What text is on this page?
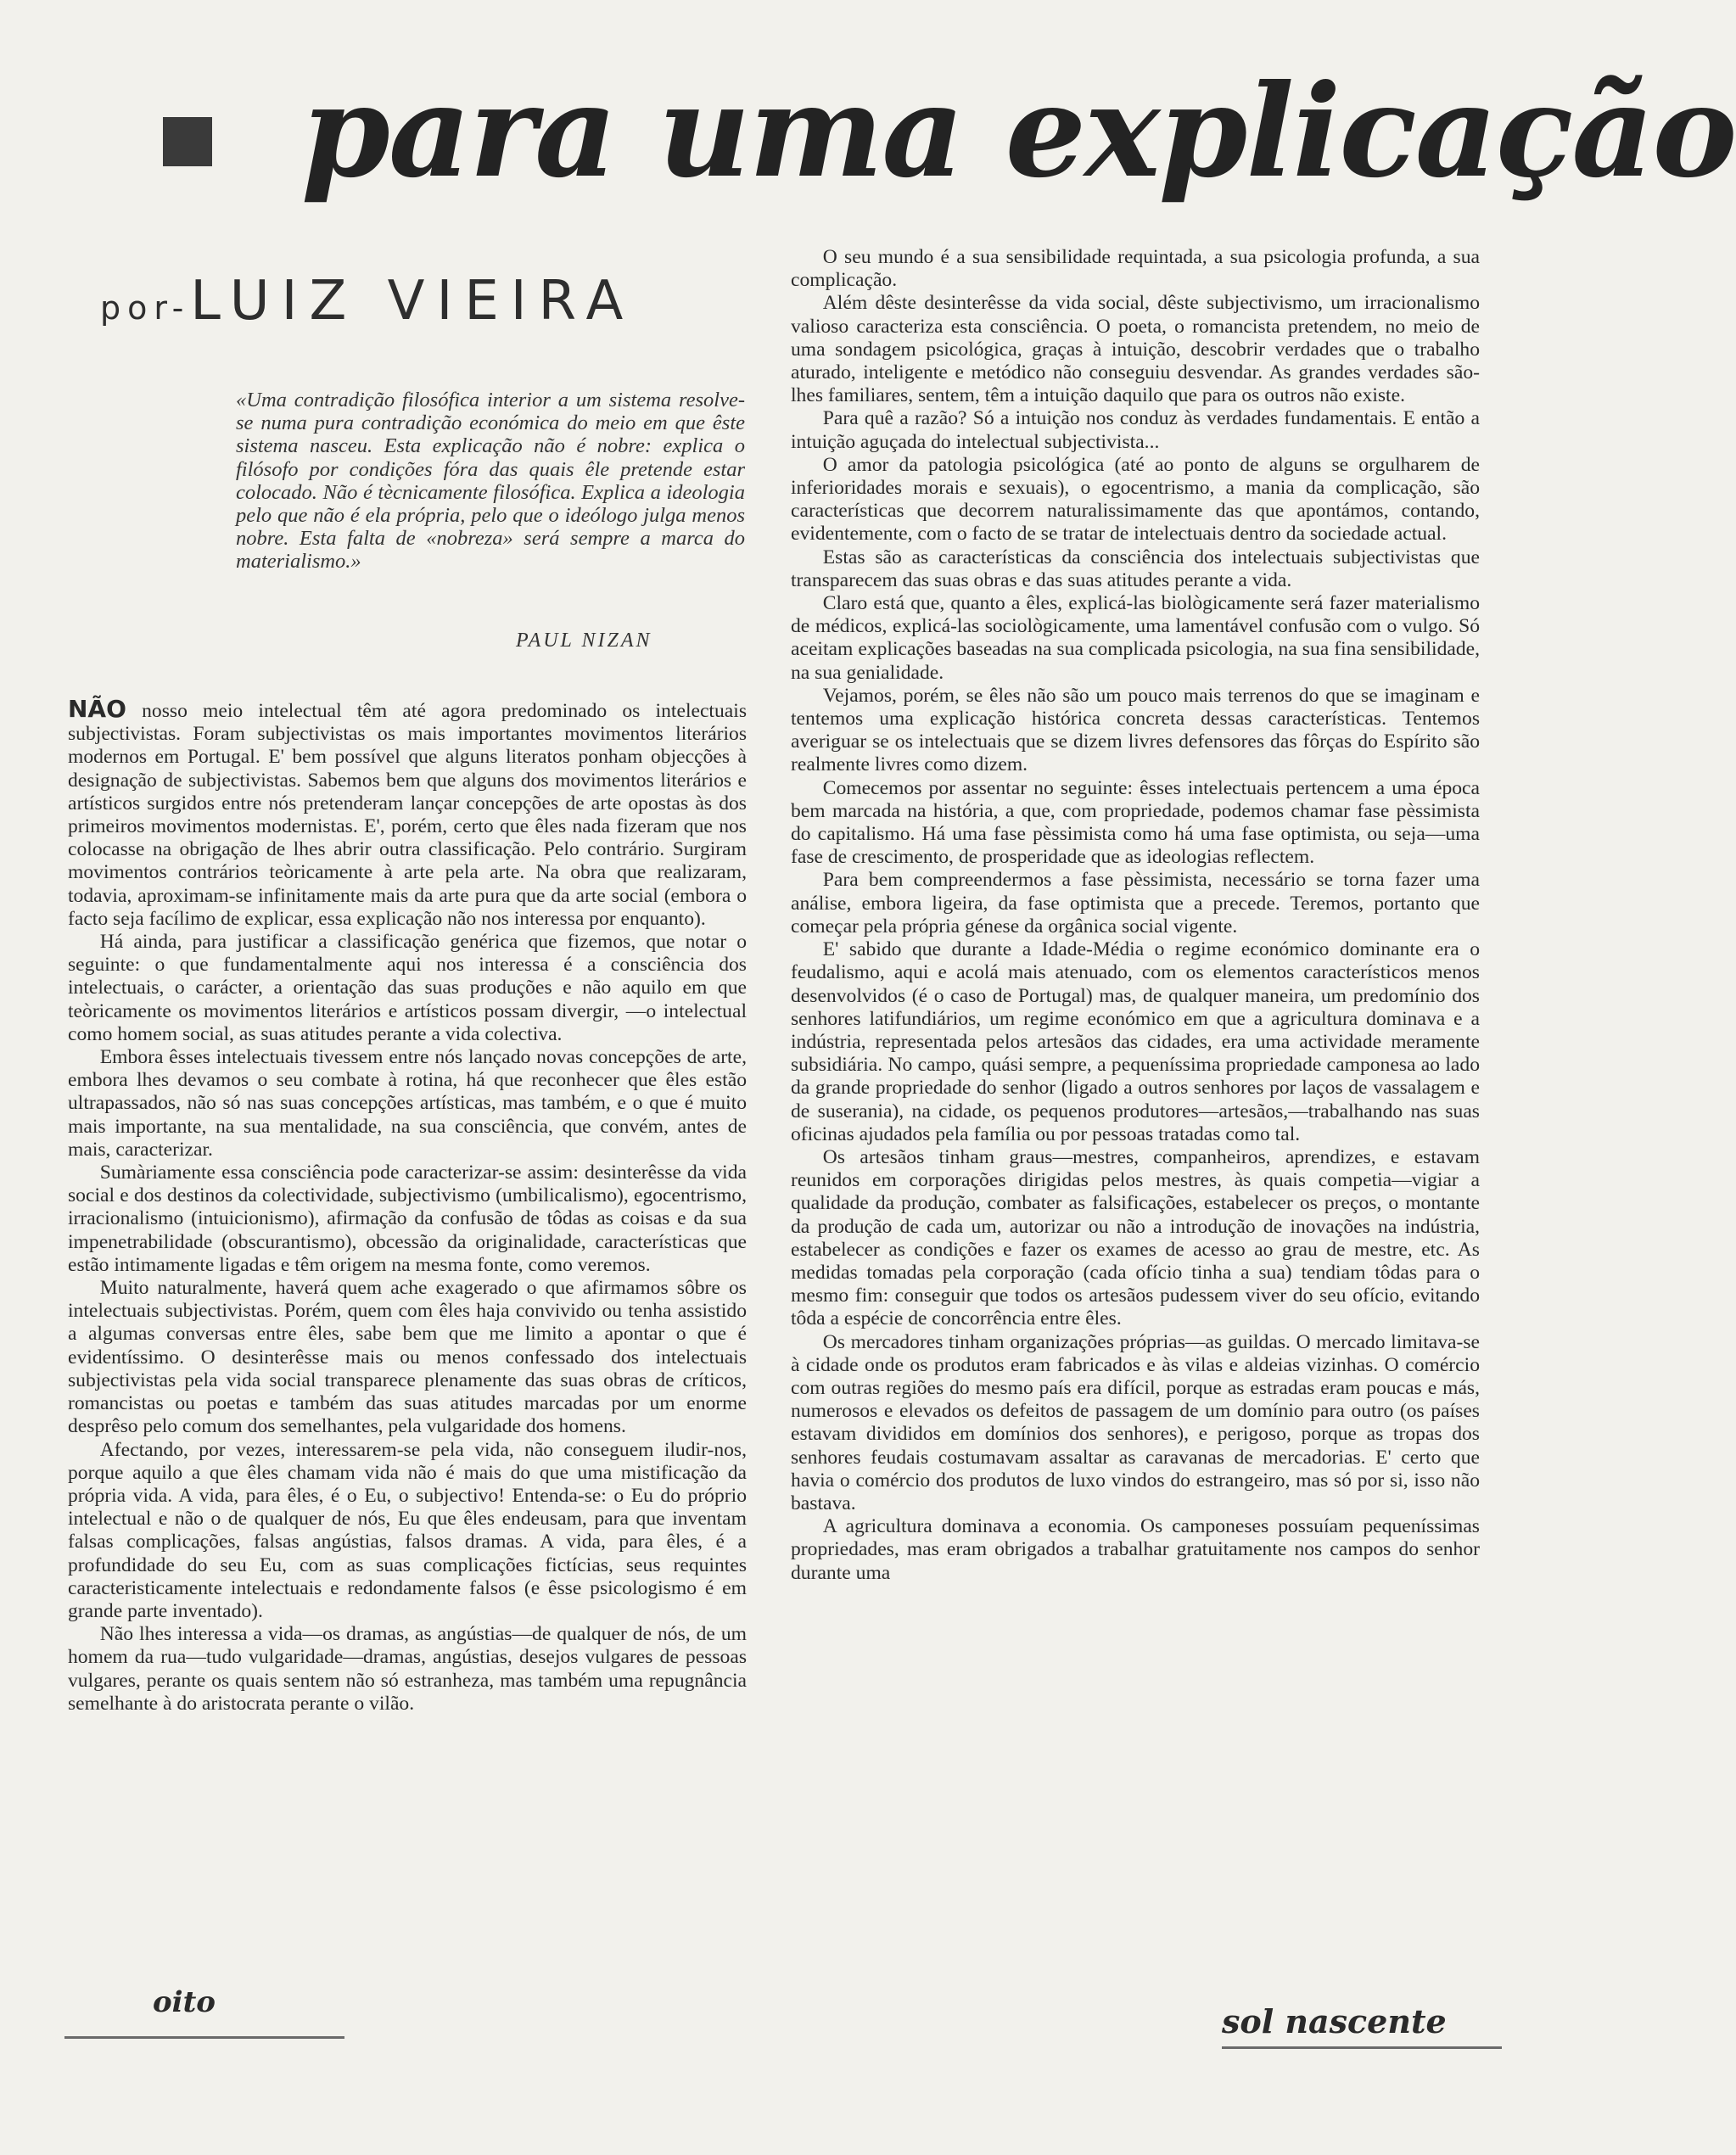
para uma explicação
por-LUIZ VIEIRA
«Uma contradição filosófica interior a um sistema resolve-se numa pura contradição económica do meio em que êste sistema nasceu. Esta explicação não é nobre: explica o filósofo por condições fóra das quais êle pretende estar colocado. Não é tècnicamente filosófica. Explica a ideologia pelo que não é ela própria, pelo que o ideólogo julga menos nobre. Esta falta de «nobreza» será sempre a marca do materialismo.»
PAUL NIZAN

NÃO nosso meio intelectual têm até agora predominado os intelectuais subjectivistas. Foram subjectivistas os mais importantes movimentos literários modernos em Portugal. E' bem possível que alguns literatos ponham objecções à designação de subjectivistas. Sabemos bem que alguns dos movimentos literários e artísticos surgidos entre nós pretenderam lançar concepções de arte opostas às dos primeiros movimentos modernistas. E', porém, certo que êles nada fizeram que nos colocasse na obrigação de lhes abrir outra classificação. Pelo contrário. Surgiram movimentos contrários teòricamente à arte pela arte. Na obra que realizaram, todavia, aproximam-se infinitamente mais da arte pura que da arte social (embora o facto seja facílimo de explicar, essa explicação não nos interessa por enquanto).

Há ainda, para justificar a classificação genérica que fizemos, que notar o seguinte: o que fundamentalmente aqui nos interessa é a consciência dos intelectuais, o carácter, a orientação das suas produções e não aquilo em que teòricamente os movimentos literários e artísticos possam divergir, —o intelectual como homem social, as suas atitudes perante a vida colectiva.

Embora êsses intelectuais tivessem entre nós lançado novas concepções de arte, embora lhes devamos o seu combate à rotina, há que reconhecer que êles estão ultrapassados, não só nas suas concepções artísticas, mas também, e o que é muito mais importante, na sua mentalidade, na sua consciência, que convém, antes de mais, caracterizar.

Sumàriamente essa consciência pode caracterizar-se assim: desinterêsse da vida social e dos destinos da colectividade, subjectivismo (umbilicalismo), egocentrismo, irracionalismo (intuicionismo), afirmação da confusão de tôdas as coisas e da sua impenetrabilidade (obscurantismo), obcessão da originalidade, características que estão intimamente ligadas e têm origem na mesma fonte, como veremos.

Muito naturalmente, haverá quem ache exagerado o que afirmamos sôbre os intelectuais subjectivistas. Porém, quem com êles haja convivido ou tenha assistido a algumas conversas entre êles, sabe bem que me limito a apontar o que é evidentíssimo. O desinterêsse mais ou menos confessado dos intelectuais subjectivistas pela vida social transparece plenamente das suas obras de críticos, romancistas ou poetas e também das suas atitudes marcadas por um enorme desprêso pelo comum dos semelhantes, pela vulgaridade dos homens.

Afectando, por vezes, interessarem-se pela vida, não conseguem iludir-nos, porque aquilo a que êles chamam vida não é mais do que uma mistificação da própria vida. A vida, para êles, é o Eu, o subjectivo! Entenda-se: o Eu do próprio intelectual e não o de qualquer de nós, Eu que êles endeusam, para que inventam falsas complicações, falsas angústias, falsos dramas. A vida, para êles, é a profundidade do seu Eu, com as suas complicações fictícias, seus requintes caracteristicamente intelectuais e redondamente falsos (e êsse psicologismo é em grande parte inventado).

Não lhes interessa a vida—os dramas, as angústias—de qualquer de nós, de um homem da rua—tudo vulgaridade—dramas, angústias, desejos vulgares de pessoas vulgares, perante os quais sentem não só estranheza, mas também uma repugnância semelhante à do aristocrata perante o vilão.

O seu mundo é a sua sensibilidade requintada, a sua psicologia profunda, a sua complicação.

Além dêste desinterêsse da vida social, dêste subjectivismo, um irracionalismo valioso caracteriza esta consciência. O poeta, o romancista pretendem, no meio de uma sondagem psicológica, graças à intuição, descobrir verdades que o trabalho aturado, inteligente e metódico não conseguiu desvendar. As grandes verdades são-lhes familiares, sentem, têm a intuição daquilo que para os outros não existe.

Para quê a razão? Só a intuição nos conduz às verdades fundamentais. E então a intuição aguçada do intelectual subjectivista...

O amor da patologia psicológica (até ao ponto de alguns se orgulharem de inferioridades morais e sexuais), o egocentrismo, a mania da complicação, são características que decorrem naturalissimamente das que apontámos, contando, evidentemente, com o facto de se tratar de intelectuais dentro da sociedade actual.

Estas são as características da consciência dos intelectuais subjectivistas que transparecem das suas obras e das suas atitudes perante a vida.

Claro está que, quanto a êles, explicá-las biològicamente será fazer materialismo de médicos, explicá-las sociològicamente, uma lamentável confusão com o vulgo. Só aceitam explicações baseadas na sua complicada psicologia, na sua fina sensibilidade, na sua genialidade.

Vejamos, porém, se êles não são um pouco mais terrenos do que se imaginam e tentemos uma explicação histórica concreta dessas características. Tentemos averiguar se os intelectuais que se dizem livres defensores das fôrças do Espírito são realmente livres como dizem.

Comecemos por assentar no seguinte: êsses intelectuais pertencem a uma época bem marcada na história, a que, com propriedade, podemos chamar fase pèssimista do capitalismo. Há uma fase pèssimista como há uma fase optimista, ou seja—uma fase de crescimento, de prosperidade que as ideologias reflectem.

Para bem compreendermos a fase pèssimista, necessário se torna fazer uma análise, embora ligeira, da fase optimista que a precede. Teremos, portanto que começar pela própria génese da orgânica social vigente.

E' sabido que durante a Idade-Média o regime económico dominante era o feudalismo, aqui e acolá mais atenuado, com os elementos característicos menos desenvolvidos (é o caso de Portugal) mas, de qualquer maneira, um predomínio dos senhores latifundiários, um regime económico em que a agricultura dominava e a indústria, representada pelos artesãos das cidades, era uma actividade meramente subsidiária. No campo, quási sempre, a pequeníssima propriedade camponesa ao lado da grande propriedade do senhor (ligado a outros senhores por laços de vassalagem e de suserania), na cidade, os pequenos produtores—artesãos,—trabalhando nas suas oficinas ajudados pela família ou por pessoas tratadas como tal.

Os artesãos tinham graus—mestres, companheiros, aprendizes, e estavam reunidos em corporações dirigidas pelos mestres, às quais competia—vigiar a qualidade da produção, combater as falsificações, estabelecer os preços, o montante da produção de cada um, autorizar ou não a introdução de inovações na indústria, estabelecer as condições e fazer os exames de acesso ao grau de mestre, etc. As medidas tomadas pela corporação (cada ofício tinha a sua) tendiam tôdas para o mesmo fim: conseguir que todos os artesãos pudessem viver do seu ofício, evitando tôda a espécie de concorrência entre êles.

Os mercadores tinham organizações próprias—as guildas. O mercado limitava-se à cidade onde os produtos eram fabricados e às vilas e aldeias vizinhas. O comércio com outras regiões do mesmo país era difícil, porque as estradas eram poucas e más, numerosos e elevados os defeitos de passagem de um domínio para outro (os países estavam divididos em domínios dos senhores), e perigoso, porque as tropas dos senhores feudais costumavam assaltar as caravanas de mercadorias. E' certo que havia o comércio dos produtos de luxo vindos do estrangeiro, mas só por si, isso não bastava.

A agricultura dominava a economia. Os camponeses possuíam pequeníssimas propriedades, mas eram obrigados a trabalhar gratuitamente nos campos do senhor durante uma

oito	sol nascente
